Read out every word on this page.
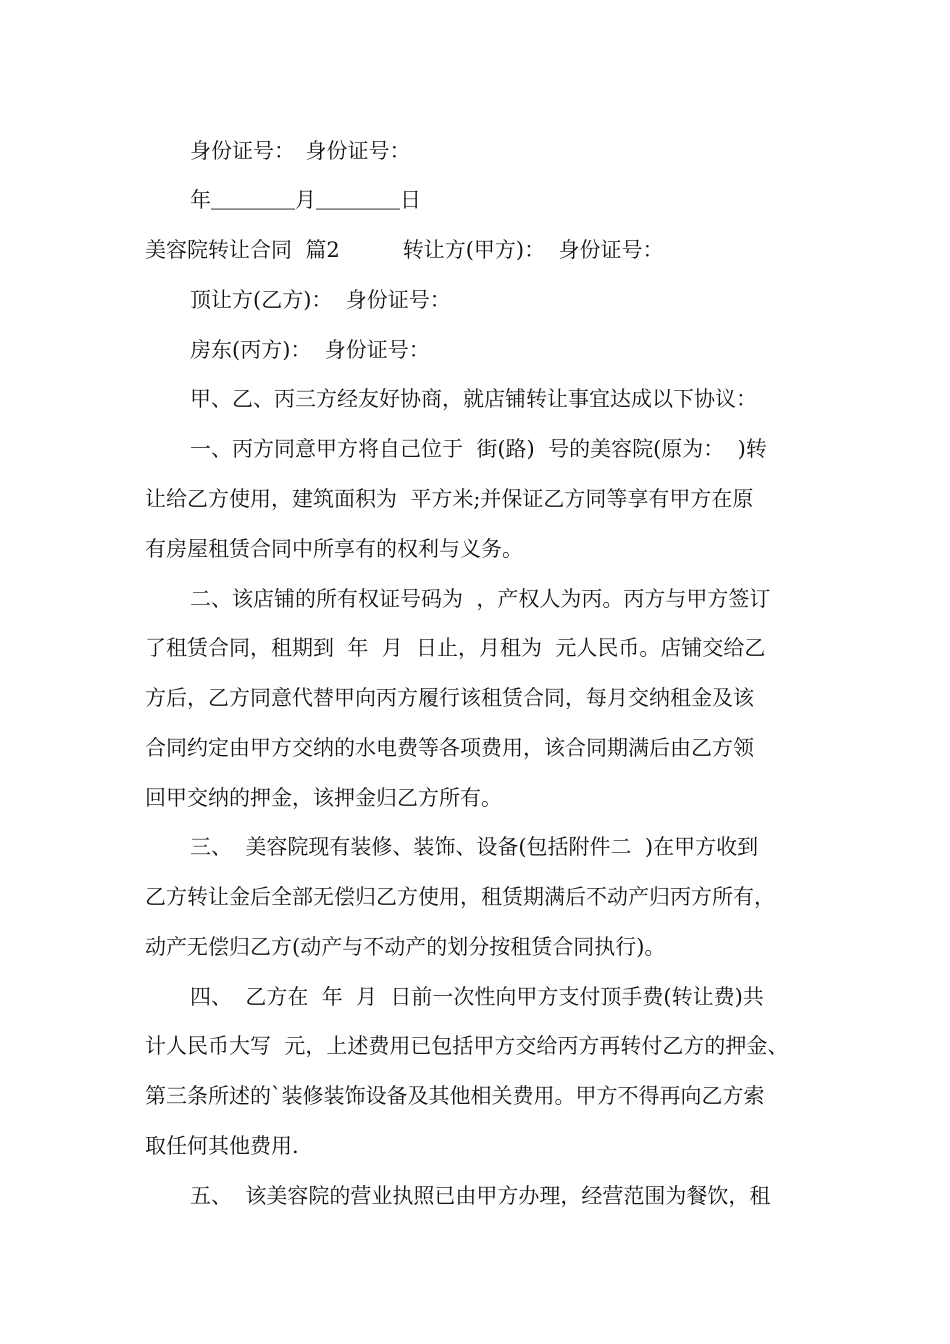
身份证号：　身份证号：
年＿＿＿＿月＿＿＿＿日
美容院转让合同  篇2　　　转让方(甲方)：  身份证号：
顶让方(乙方)：  身份证号：
房东(丙方)：  身份证号：
甲、乙、丙三方经友好协商，就店铺转让事宜达成以下协议：
一、丙方同意甲方将自己位于  街(路)  号的美容院(原为：  )转
让给乙方使用，建筑面积为  平方米;并保证乙方同等享有甲方在原
有房屋租赁合同中所享有的权利与义务。
二、该店铺的所有权证号码为  ，产权人为丙。丙方与甲方签订
了租赁合同，租期到  年  月  日止，月租为  元人民币。店铺交给乙
方后，乙方同意代替甲向丙方履行该租赁合同，每月交纳租金及该
合同约定由甲方交纳的水电费等各项费用，该合同期满后由乙方领
回甲交纳的押金，该押金归乙方所有。
三、  美容院现有装修、装饰、设备(包括附件二  )在甲方收到
乙方转让金后全部无偿归乙方使用，租赁期满后不动产归丙方所有，
动产无偿归乙方(动产与不动产的划分按租赁合同执行)。
四、  乙方在  年  月  日前一次性向甲方支付顶手费(转让费)共
计人民币大写  元，上述费用已包括甲方交给丙方再转付乙方的押金、
第三条所述的`装修装饰设备及其他相关费用。甲方不得再向乙方索
取任何其他费用.
五、  该美容院的营业执照已由甲方办理，经营范围为餐饮，租
